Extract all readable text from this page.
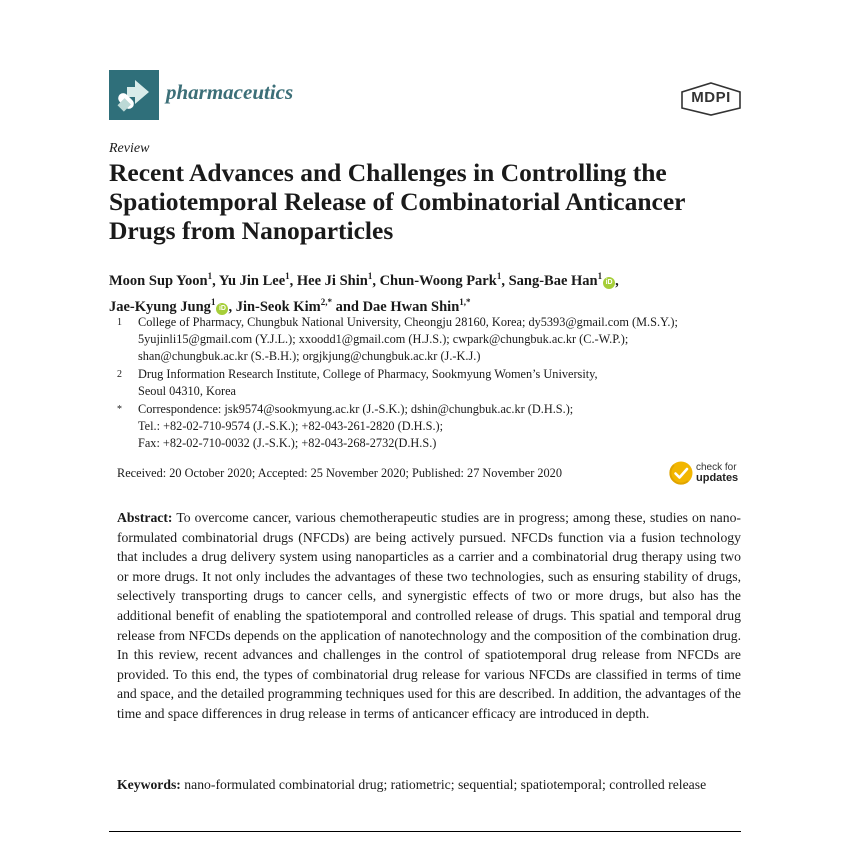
pharmaceutics	MDPI
Review
Recent Advances and Challenges in Controlling the Spatiotemporal Release of Combinatorial Anticancer Drugs from Nanoparticles
Moon Sup Yoon$^1$, Yu Jin Lee$^1$, Hee Ji Shin$^1$, Chun-Woong Park$^1$, Sang-Bae Han$^1$iD ,
Jae-Kyung Jung$^1$iD , Jin-Seok Kim$^{2,*}$ and Dae Hwan Shin$^{1,*}$
1	College of Pharmacy, Chungbuk National University, Cheongju 28160, Korea; dy5393@gmail.com (M.S.Y.);
5yujinli15@gmail.com (Y.J.L.); xxoodd1@gmail.com (H.J.S.); cwpark@chungbuk.ac.kr (C.-W.P.);
shan@chungbuk.ac.kr (S.-B.H.); orgjkjung@chungbuk.ac.kr (J.-K.J.)
2	Drug Information Research Institute, College of Pharmacy, Sookmyung Women’s University,
Seoul 04310, Korea
*	Correspondence: jsk9574@sookmyung.ac.kr (J.-S.K.); dshin@chungbuk.ac.kr (D.H.S.);
Tel.: +82-02-710-9574 (J.-S.K.); +82-043-261-2820 (D.H.S.);
Fax: +82-02-710-0032 (J.-S.K.); +82-043-268-2732(D.H.S.)
Received: 20 October 2020; Accepted: 25 November 2020; Published: 27 November 2020	check for
updates
Abstract: To overcome cancer, various chemotherapeutic studies are in progress; among these, studies on nano-formulated combinatorial drugs (NFCDs) are being actively pursued. NFCDs function via a fusion technology that includes a drug delivery system using nanoparticles as a carrier and a combinatorial drug therapy using two or more drugs. It not only includes the advantages of these two technologies, such as ensuring stability of drugs, selectively transporting drugs to cancer cells, and synergistic effects of two or more drugs, but also has the additional benefit of enabling the spatiotemporal and controlled release of drugs. This spatial and temporal drug release from NFCDs depends on the application of nanotechnology and the composition of the combination drug. In this review, recent advances and challenges in the control of spatiotemporal drug release from NFCDs are provided. To this end, the types of combinatorial drug release for various NFCDs are classified in terms of time and space, and the detailed programming techniques used for this are described. In addition, the advantages of the time and space differences in drug release in terms of anticancer efficacy are introduced in depth.
Keywords: nano-formulated combinatorial drug; ratiometric; sequential; spatiotemporal; controlled release
